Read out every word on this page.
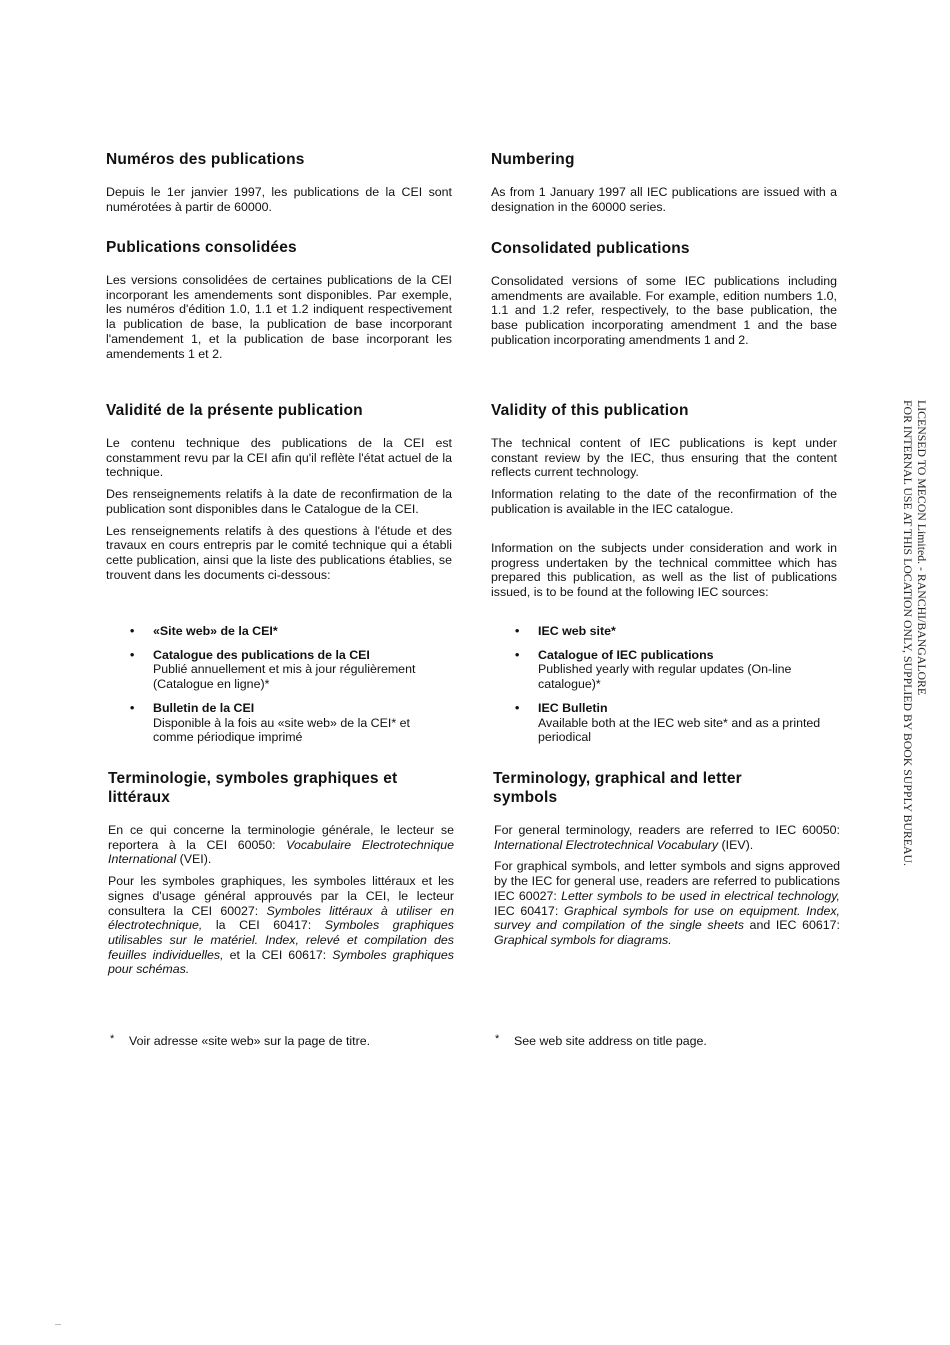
Numéros des publications

Depuis le 1er janvier 1997, les publications de la CEI sont numérotées à partir de 60000.

Publications consolidées

Les versions consolidées de certaines publications de la CEI incorporant les amendements sont disponibles. Par exemple, les numéros d'édition 1.0, 1.1 et 1.2 indiquent respectivement la publication de base, la publication de base incorporant l'amendement 1, et la publication de base incorporant les amendements 1 et 2.

Validité de la présente publication

Le contenu technique des publications de la CEI est constamment revu par la CEI afin qu'il reflète l'état actuel de la technique.

Des renseignements relatifs à la date de reconfirmation de la publication sont disponibles dans le Catalogue de la CEI.

Les renseignements relatifs à des questions à l'étude et des travaux en cours entrepris par le comité technique qui a établi cette publication, ainsi que la liste des publications établies, se trouvent dans les documents ci-dessous:

• «Site web» de la CEI*
• Catalogue des publications de la CEI
Publié annuellement et mis à jour régulièrement (Catalogue en ligne)*
• Bulletin de la CEI
Disponible à la fois au «site web» de la CEI* et comme périodique imprimé
Terminologie, symboles graphiques et littéraux

En ce qui concerne la terminologie générale, le lecteur se reportera à la CEI 60050: Vocabulaire Electrotechnique International (VEI).

Pour les symboles graphiques, les symboles littéraux et les signes d'usage général approuvés par la CEI, le lecteur consultera la CEI 60027: Symboles littéraux à utiliser en électrotechnique, la CEI 60417: Symboles graphiques utilisables sur le matériel. Index, relevé et compilation des feuilles individuelles, et la CEI 60617: Symboles graphiques pour schémas.

* Voir adresse «site web» sur la page de titre.
Numbering

As from 1 January 1997 all IEC publications are issued with a designation in the 60000 series.

Consolidated publications

Consolidated versions of some IEC publications including amendments are available. For example, edition numbers 1.0, 1.1 and 1.2 refer, respectively, to the base publication, the base publication incorporating amendment 1 and the base publication incorporating amendments 1 and 2.

Validity of this publication

The technical content of IEC publications is kept under constant review by the IEC, thus ensuring that the content reflects current technology.

Information relating to the date of the reconfirmation of the publication is available in the IEC catalogue.

Information on the subjects under consideration and work in progress undertaken by the technical committee which has prepared this publication, as well as the list of publications issued, is to be found at the following IEC sources:

• IEC web site*
• Catalogue of IEC publications
Published yearly with regular updates (On-line catalogue)*
• IEC Bulletin
Available both at the IEC web site* and as a printed periodical
Terminology, graphical and letter symbols

For general terminology, readers are referred to IEC 60050: International Electrotechnical Vocabulary (IEV).

For graphical symbols, and letter symbols and signs approved by the IEC for general use, readers are referred to publications IEC 60027: Letter symbols to be used in electrical technology, IEC 60417: Graphical symbols for use on equipment. Index, survey and compilation of the single sheets and IEC 60617: Graphical symbols for diagrams.

* See web site address on title page.
LICENSED TO MECON Limited. - RANCHI/BANGALORE
FOR INTERNAL USE AT THIS LOCATION ONLY, SUPPLIED BY BOOK SUPPLY BUREAU.
